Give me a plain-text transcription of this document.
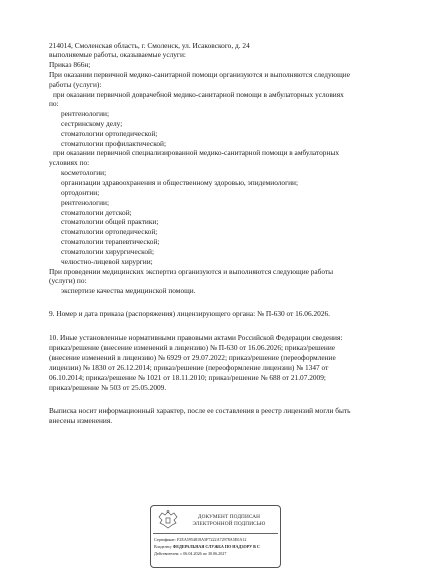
214014, Смоленская область, г. Смоленск, ул. Исаковского, д. 24
выполняемые работы, оказываемые услуги:
Приказ 866н;
При оказании первичной медико-санитарной помощи организуются и выполняются следующие
работы (услуги):
при оказании первичной доврачебной медико-санитарной помощи в амбулаторных условиях
по:
рентгенологии;
сестринскому делу;
стоматологии ортопедической;
стоматологии профилактической;
при оказании первичной специализированной медико-санитарной помощи в амбулаторных
условиях по:
косметологии;
организации здравоохранения и общественному здоровью, эпидемиологии;
ортодонтии;
рентгенологии;
стоматологии детской;
стоматологии общей практики;
стоматологии ортопедической;
стоматологии терапевтической;
стоматологии хирургической;
челюстно-лицевой хирургии;
При проведении медицинских экспертиз организуются и выполняются следующие работы
(услуги) по:
экспертизе качества медицинской помощи.
9. Номер и дата приказа (распоряжения) лицензирующего органа: № П-630 от 16.06.2026.
10. Иные установленные нормативными правовыми актами Российской Федерации сведения:
приказ/решение (внесение изменений в лицензию) № П-630 от 16.06.2026; приказ/решение
(внесение изменений в лицензию) № 6929 от 29.07.2022; приказ/решение (переоформление
лицензии) № 1830 от 26.12.2014; приказ/решение (переоформление лицензии) № 1347 от
06.10.2014; приказ/решение № 1021 от 18.11.2010; приказ/решение № 688 от 21.07.2009;
приказ/решение № 503 от 25.05.2009.
Выписка носит информационный характер, после ее составления в реестр лицензий могли быть
внесены изменения.
ДОКУМЕНТ ПОДПИСАН
ЭЛЕКТРОННОЙ ПОДПИСЬЮ
Сертификат: F2EA5954818A5F7222A72978A5E0A12
Владелец: ФЕДЕРАЛЬНАЯ СЛУЖБА ПО НАДЗОРУ В С
Действителен: с 06.04.2026 по 30.06.2027
